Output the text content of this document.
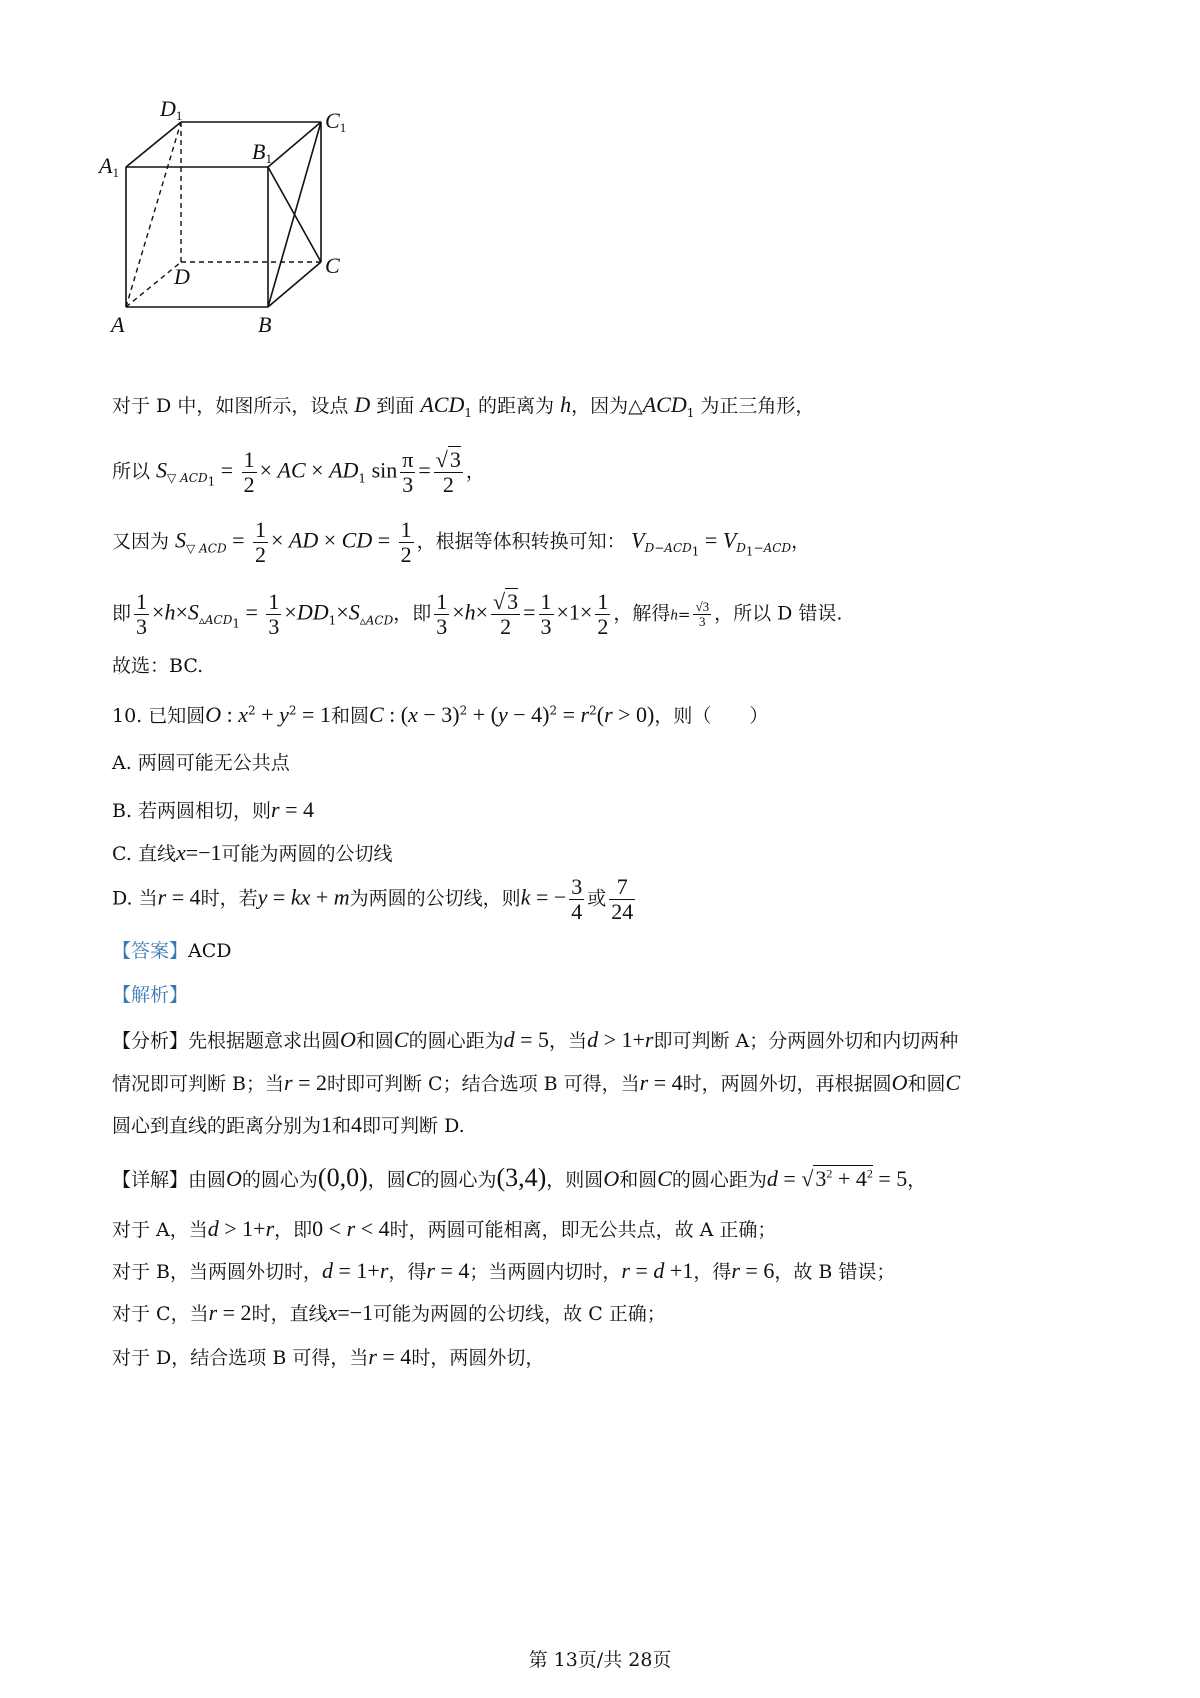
D1	C1
A1
B1
D	C
A	B
对于 D 中，如图所示，设点 D 到面 $ACD_1$ 的距离为 h，因为$\triangle ACD_1$ 为正三角形，
所以 $S_{▽ ACD_1} = \frac{1}{2}$ × AC × $AD_1$ $\sin \frac{\pi}{3} = \frac{√3}{2}$ ，
又因为 $S_{▽ ACD} = \frac{1}{2}$ × AD × CD = $\frac{1}{2}$ ，根据等体积转换可知： $V_{D-ACD_1} = V_{D_1-ACD}$，
即 $\frac{1}{3} \times h\times S_{▵ACD_1} = \frac{1}{3} \times DD_1\times S_{▵ACD}$，即 $\frac{1}{3} \times h\times \frac{√3}{2} = \frac{1}{3} \times 1\times \frac{1}{2}$ ，解得$h= \frac{√3}{3}$ ，所以 D 错误.
故选：BC.
10. 已知圆O : $x^2 + y^2 = 1$和圆C : $(x - 3)^2 + (y - 4)^2 = r^2(r > 0)$，则（　　）
A. 两圆可能无公共点
B. 若两圆相切，则r = 4
C. 直线x=−1可能为两圆的公切线
D. 当r = 4时，若y = kx + m为两圆的公切线，则k = − $\frac{3}{4}$ 或 $\frac{7}{24}$
【答案】ACD
【解析】
【分析】先根据题意求出圆O和圆C的圆心距为d = 5，当d > 1+r即可判断 A；分两圆外切和内切两种
情况即可判断 B；当r = 2时即可判断 C；结合选项 B 可得，当r = 4时，两圆外切，再根据圆O和圆C
圆心到直线的距离分别为1和4即可判断 D.
【详解】由圆O的圆心为(0,0)，圆C的圆心为(3,4)，则圆O和圆C的圆心距为$d = √3^2 + 4^2 = 5$，
对于 A，当d > 1+r，即0 < r < 4时，两圆可能相离，即无公共点，故 A 正确；
对于 B，当两圆外切时，d = 1+r，得r = 4；当两圆内切时，r = d +1，得r = 6，故 B 错误；
对于 C，当r = 2时，直线x=−1可能为两圆的公切线，故 C 正确；
对于 D，结合选项 B 可得，当r = 4时，两圆外切，
第 13页/共 28页
